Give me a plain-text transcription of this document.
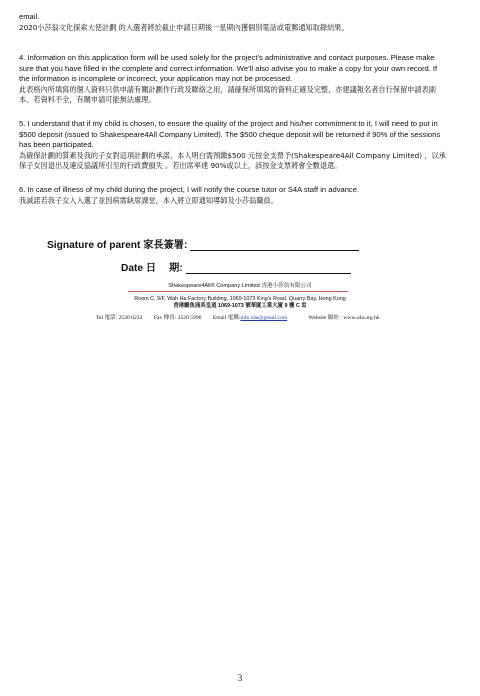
email.

2020小莎翁文化探索大使計劃 的入選者將於截止申請日期後一星期內獲個別電話或電郵通知取錄結果。

4. Information on this application form will be used solely for the project’s administrative and contact purposes. Please make sure that you have filled in the complete and correct information. We’ll also advise you to make a copy for your own record. If the information is incomplete or incorrect, your application may not be processed.

此表格內所填寫的個人資料只供申請有關計劃作行政及聯絡之用，請確保所填寫的資料正確及完整，亦建議報名者自行保留申請表副本。若資料不全，有關申請可能無法處理。

5. I understand that if my child is chosen, to ensure the quality of the project and his/her commitment to it, I will need to put in $500 deposit (issued to Shakespeare4All Company Limited). The $500 cheque deposit will be returned if 90% of the sessions has been participated.

為確保計劃的質素及我的子女對這項計劃的承諾，本人明白需預繳$500 元按金支票予(Shakespeare4All Company Limited) ，以承保子女因退出及違反協議所引至的行政費損失 。若出席率達 90%或以上，該按金支票將會全數退還。

6. In case of illness of my child during the project, I will notify the course tutor or S4A staff in advance.

我誠諾若我子女入入選了並因病需缺席課堂，本入將立即通知導師及小莎翁職員。

Signature of parent 家長簽署:
Date 日　 期:
Shakespeare4All® Company Limited 香港小莎翁有限公司
Room C, 9/F, Wah Ha Factory Building, 1069-1073 King’s Road, Quarry Bay, Hong Kong
香港鰂魚涌英皇道 1069-1073 號華廈工業大廈 9 樓 C 室
Tel 電話: 2520 6232 Fax 傳真: 2520 5996 Email 電郵:info.s4a@gmail.com	Website 網址 : www.s4a.org.hk
3
